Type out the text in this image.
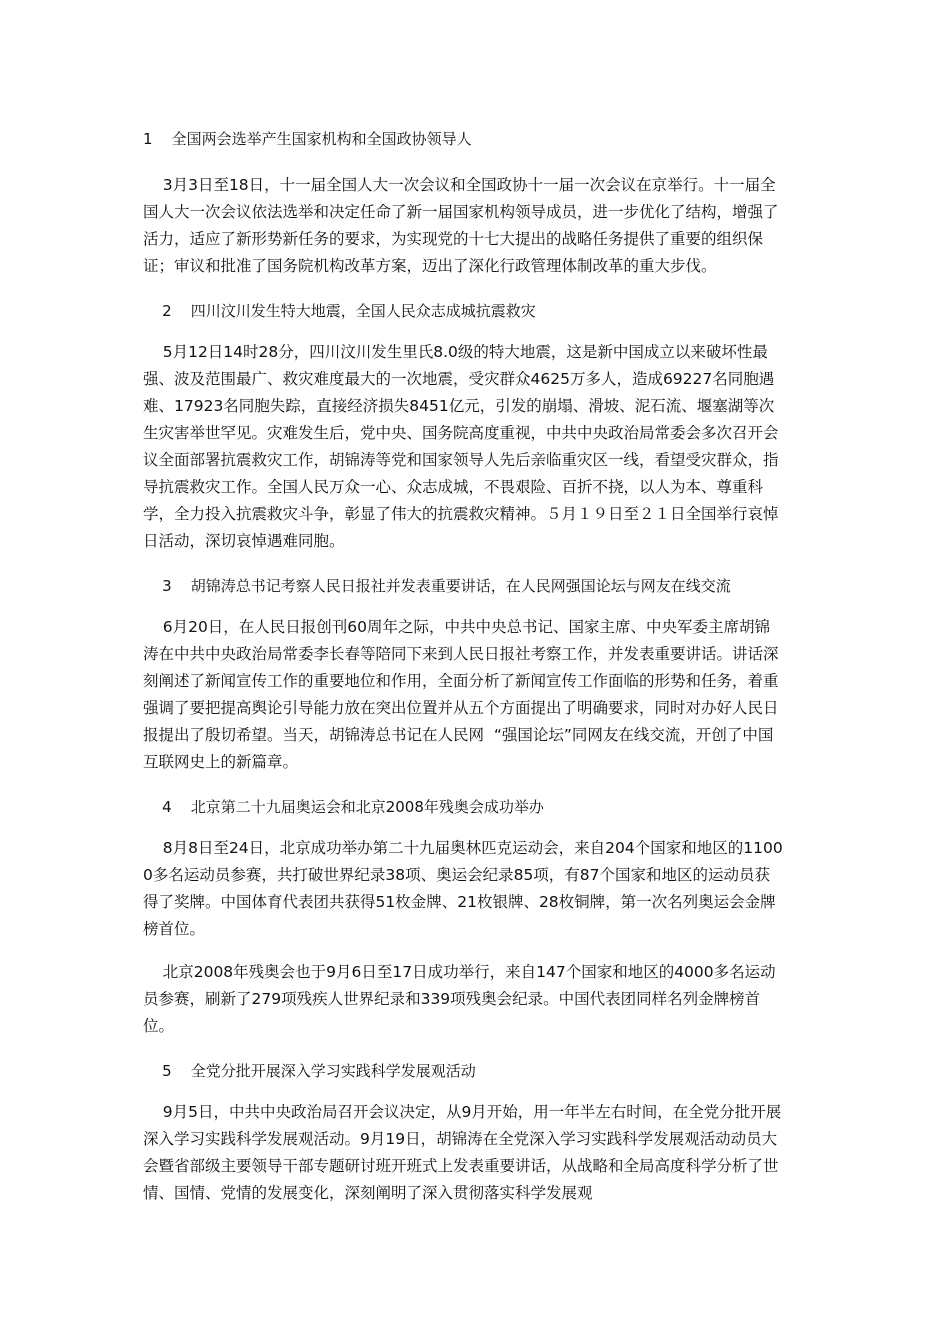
1    全国两会选举产生国家机构和全国政协领导人

3月3日至18日，十一届全国人大一次会议和全国政协十一届一次会议在京举行。十一届全国人大一次会议依法选举和决定任命了新一届国家机构领导成员，进一步优化了结构，增强了活力，适应了新形势新任务的要求，为实现党的十七大提出的战略任务提供了重要的组织保证；审议和批准了国务院机构改革方案，迈出了深化行政管理体制改革的重大步伐。

2    四川汶川发生特大地震，全国人民众志成城抗震救灾

5月12日14时28分，四川汶川发生里氏8.0级的特大地震，这是新中国成立以来破坏性最强、波及范围最广、救灾难度最大的一次地震，受灾群众4625万多人，造成69227名同胞遇难、17923名同胞失踪，直接经济损失8451亿元，引发的崩塌、滑坡、泥石流、堰塞湖等次生灾害举世罕见。灾难发生后，党中央、国务院高度重视，中共中央政治局常委会多次召开会议全面部署抗震救灾工作，胡锦涛等党和国家领导人先后亲临重灾区一线，看望受灾群众，指导抗震救灾工作。全国人民万众一心、众志成城，不畏艰险、百折不挠，以人为本、尊重科学，全力投入抗震救灾斗争，彰显了伟大的抗震救灾精神。５月１９日至２１日全国举行哀悼日活动，深切哀悼遇难同胞。

3    胡锦涛总书记考察人民日报社并发表重要讲话，在人民网强国论坛与网友在线交流

6月20日，在人民日报创刊60周年之际，中共中央总书记、国家主席、中央军委主席胡锦涛在中共中央政治局常委李长春等陪同下来到人民日报社考察工作，并发表重要讲话。讲话深刻阐述了新闻宣传工作的重要地位和作用，全面分析了新闻宣传工作面临的形势和任务，着重强调了要把提高舆论引导能力放在突出位置并从五个方面提出了明确要求，同时对办好人民日报提出了殷切希望。当天，胡锦涛总书记在人民网  “强国论坛”同网友在线交流，开创了中国互联网史上的新篇章。

4    北京第二十九届奥运会和北京2008年残奥会成功举办

8月8日至24日，北京成功举办第二十九届奥林匹克运动会，来自204个国家和地区的11000多名运动员参赛，共打破世界纪录38项、奥运会纪录85项，有87个国家和地区的运动员获得了奖牌。中国体育代表团共获得51枚金牌、21枚银牌、28枚铜牌，第一次名列奥运会金牌榜首位。

北京2008年残奥会也于9月6日至17日成功举行，来自147个国家和地区的4000多名运动员参赛，刷新了279项残疾人世界纪录和339项残奥会纪录。中国代表团同样名列金牌榜首位。

5    全党分批开展深入学习实践科学发展观活动

9月5日，中共中央政治局召开会议决定，从9月开始，用一年半左右时间，在全党分批开展深入学习实践科学发展观活动。9月19日，胡锦涛在全党深入学习实践科学发展观活动动员大会暨省部级主要领导干部专题研讨班开班式上发表重要讲话，从战略和全局高度科学分析了世情、国情、党情的发展变化，深刻阐明了深入贯彻落实科学发展观
